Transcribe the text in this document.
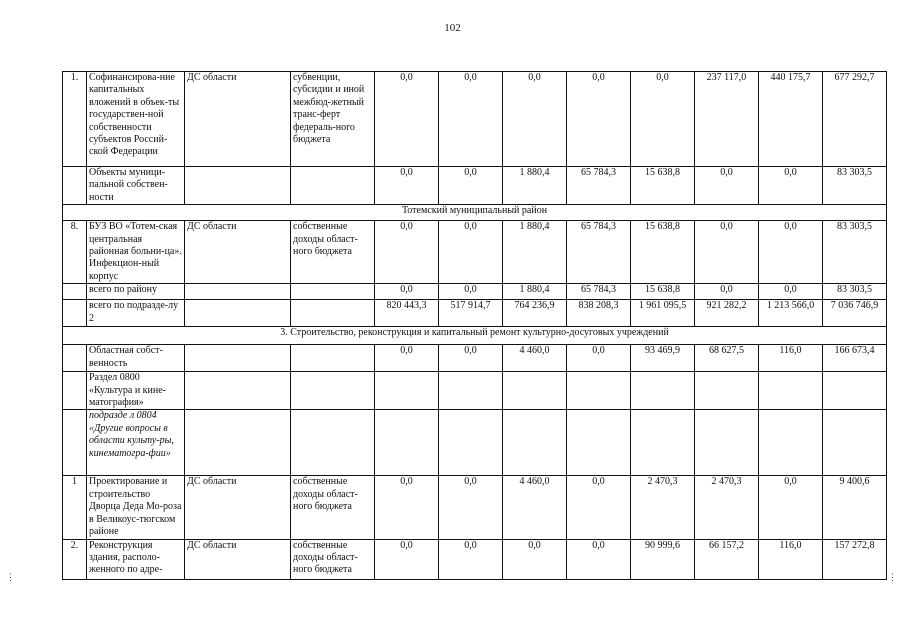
102
1.	Софинансирова-ние капитальных вложений в объек-ты государствен-ной собственности субъектов Россий-ской Федерации	ДС области	субвенции, субсидии и иной межбюд-жетный транс-ферт федераль-ного бюджета	0,0	0,0	0,0	0,0	0,0	237 117,0	440 175,7	677 292,7
	Объекты муници-пальной собствен-ности			0,0	0,0	1 880,4	65 784,3	15 638,8	0,0	0,0	83 303,5
Тотемский муниципальный район											
8.	БУЗ ВО «Тотем-ская центральная районная больни-ца». Инфекцион-ный корпус	ДС области	собственные доходы област-ного бюджета	0,0	0,0	1 880,4	65 784,3	15 638,8	0,0	0,0	83 303,5
	всего по району			0,0	0,0	1 880,4	65 784,3	15 638,8	0,0	0,0	83 303,5
	всего по подразде-лу 2			820 443,3	517 914,7	764 236,9	838 208,3	1 961 095,5	921 282,2	1 213 566,0	7 036 746,9
3. Строительство, реконструкция и капитальный ремонт культурно-досуговых учреждений											
	Областная собст-венность			0,0	0,0	4 460,0	0,0	93 469,9	68 627,5	116,0	166 673,4
	Раздел 0800 «Культура и кине-матография»										
	подразде л 0804 «Другие вопросы в области культу-ры, кинематогра-фии»										
1	Проектирование и строительство Дворца Деда Мо-роза в Великоус-тюгском районе	ДС области	собственные доходы област-ного бюджета	0,0	0,0	4 460,0	0,0	2 470,3	2 470,3	0,0	9 400,6
2.	Реконструкция здания, располо-женного по адре-	ДС области	собственные доходы област-ного бюджета	0,0	0,0	0,0	0,0	90 999,6	66 157,2	116,0	157 272,8
⋮	⋮
